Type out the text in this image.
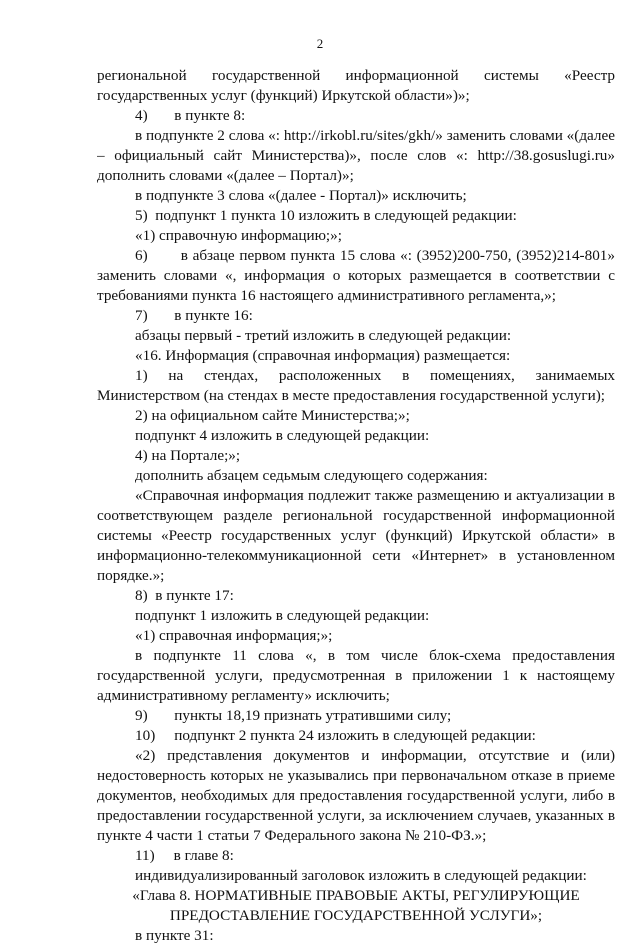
2
региональной государственной информационной системы «Реестр
государственных услуг (функций) Иркутской области»)»;
4)       в пункте 8:
в подпункте 2 слова «: http://irkobl.ru/sites/gkh/» заменить словами «(далее
– официальный сайт Министерства)», после слов «: http://38.gosuslugi.ru»
дополнить словами «(далее – Портал)»;
в подпункте 3 слова «(далее - Портал)» исключить;
5)  подпункт 1 пункта 10 изложить в следующей редакции:
«1) справочную информацию;»;
6)       в абзаце первом пункта 15 слова «: (3952)200-750, (3952)214-801»
заменить словами «, информация о которых размещается в соответствии с
требованиями пункта 16 настоящего административного регламента,»;
7)       в пункте 16:
абзацы первый - третий изложить в следующей редакции:
«16. Информация (справочная информация) размещается:
1) на стендах, расположенных в помещениях, занимаемых
Министерством (на стендах в месте предоставления государственной услуги);
2) на официальном сайте Министерства;»;
подпункт 4 изложить в следующей редакции:
4) на Портале;»;
дополнить абзацем седьмым следующего содержания:
«Справочная информация подлежит также размещению и актуализации в
соответствующем разделе региональной государственной информационной
системы «Реестр государственных услуг (функций) Иркутской области» в
информационно-телекоммуникационной сети «Интернет» в установленном
порядке.»;
8)  в пункте 17:
подпункт 1 изложить в следующей редакции:
«1) справочная информация;»;
в подпункте 11 слова «, в том числе блок-схема предоставления
государственной услуги, предусмотренная в приложении 1 к настоящему
административному регламенту» исключить;
9)       пункты 18,19 признать утратившими силу;
10)     подпункт 2 пункта 24 изложить в следующей редакции:
«2) представления документов и информации, отсутствие и (или)
недостоверность которых не указывались при первоначальном отказе в приеме
документов, необходимых для предоставления государственной услуги, либо в
предоставлении государственной услуги, за исключением случаев, указанных в
пункте 4 части 1 статьи 7 Федерального закона № 210-ФЗ.»;
11)     в главе 8:
индивидуализированный заголовок изложить в следующей редакции:
«Глава 8. НОРМАТИВНЫЕ ПРАВОВЫЕ АКТЫ, РЕГУЛИРУЮЩИЕ
ПРЕДОСТАВЛЕНИЕ ГОСУДАРСТВЕННОЙ УСЛУГИ»;
в пункте 31:
